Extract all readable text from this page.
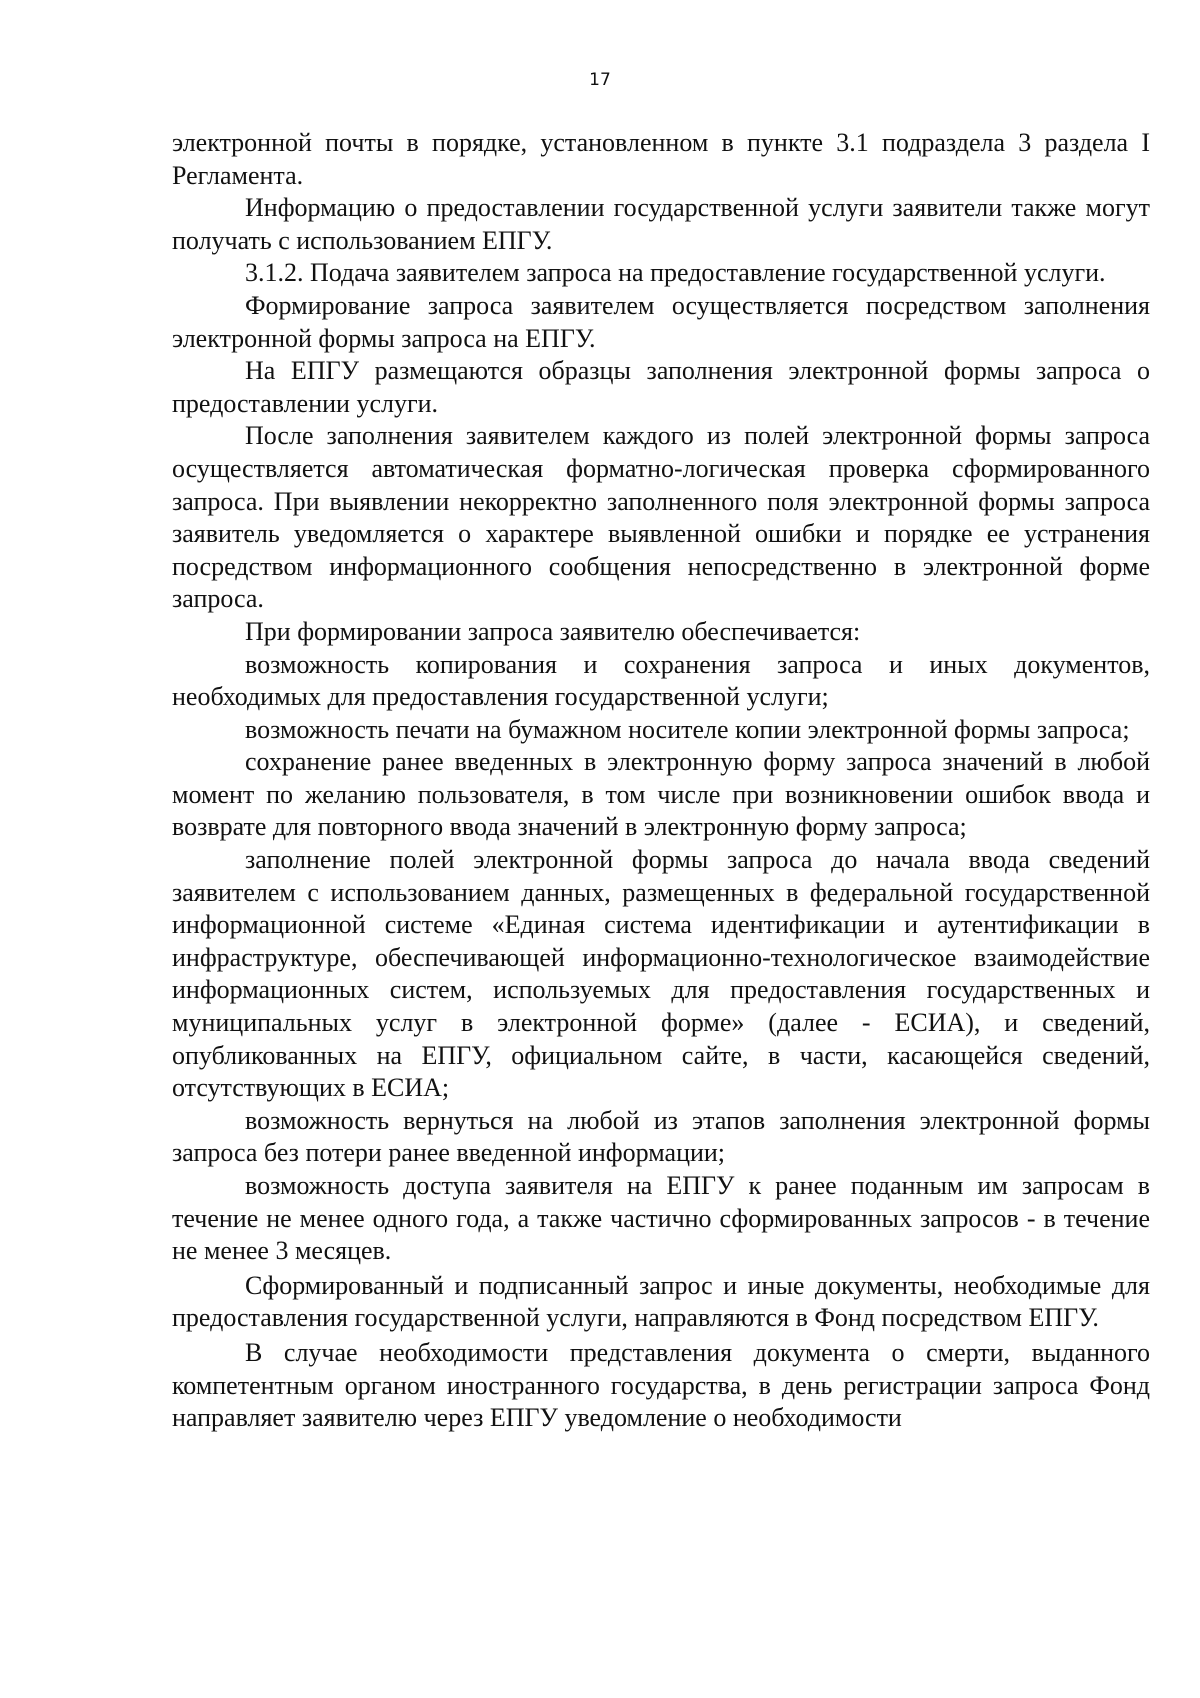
17

электронной почты в порядке, установленном в пункте 3.1 подраздела 3 раздела I Регламента.

Информацию о предоставлении государственной услуги заявители также могут получать с использованием ЕПГУ.

3.1.2. Подача заявителем запроса на предоставление государственной услуги.

Формирование запроса заявителем осуществляется посредством заполнения электронной формы запроса на ЕПГУ.

На ЕПГУ размещаются образцы заполнения электронной формы запроса о предоставлении услуги.

После заполнения заявителем каждого из полей электронной формы запроса осуществляется автоматическая форматно-логическая проверка сформированного запроса. При выявлении некорректно заполненного поля электронной формы запроса заявитель уведомляется о характере выявленной ошибки и порядке ее устранения посредством информационного сообщения непосредственно в электронной форме запроса.

При формировании запроса заявителю обеспечивается:

возможность копирования и сохранения запроса и иных документов, необходимых для предоставления государственной услуги;

возможность печати на бумажном носителе копии электронной формы запроса;

сохранение ранее введенных в электронную форму запроса значений в любой момент по желанию пользователя, в том числе при возникновении ошибок ввода и возврате для повторного ввода значений в электронную форму запроса;

заполнение полей электронной формы запроса до начала ввода сведений заявителем с использованием данных, размещенных в федеральной государственной информационной системе «Единая система идентификации и аутентификации в инфраструктуре, обеспечивающей информационно-технологическое взаимодействие информационных систем, используемых для предоставления государственных и муниципальных услуг в электронной форме» (далее - ЕСИА), и сведений, опубликованных на ЕПГУ, официальном сайте, в части, касающейся сведений, отсутствующих в ЕСИА;

возможность вернуться на любой из этапов заполнения электронной формы запроса без потери ранее введенной информации;

возможность доступа заявителя на ЕПГУ к ранее поданным им запросам в течение не менее одного года, а также частично сформированных запросов - в течение не менее 3 месяцев.

Сформированный и подписанный запрос и иные документы, необходимые для предоставления государственной услуги, направляются в Фонд посредством ЕПГУ.

В случае необходимости представления документа о смерти, выданного компетентным органом иностранного государства, в день регистрации запроса Фонд направляет заявителю через ЕПГУ уведомление о необходимости
